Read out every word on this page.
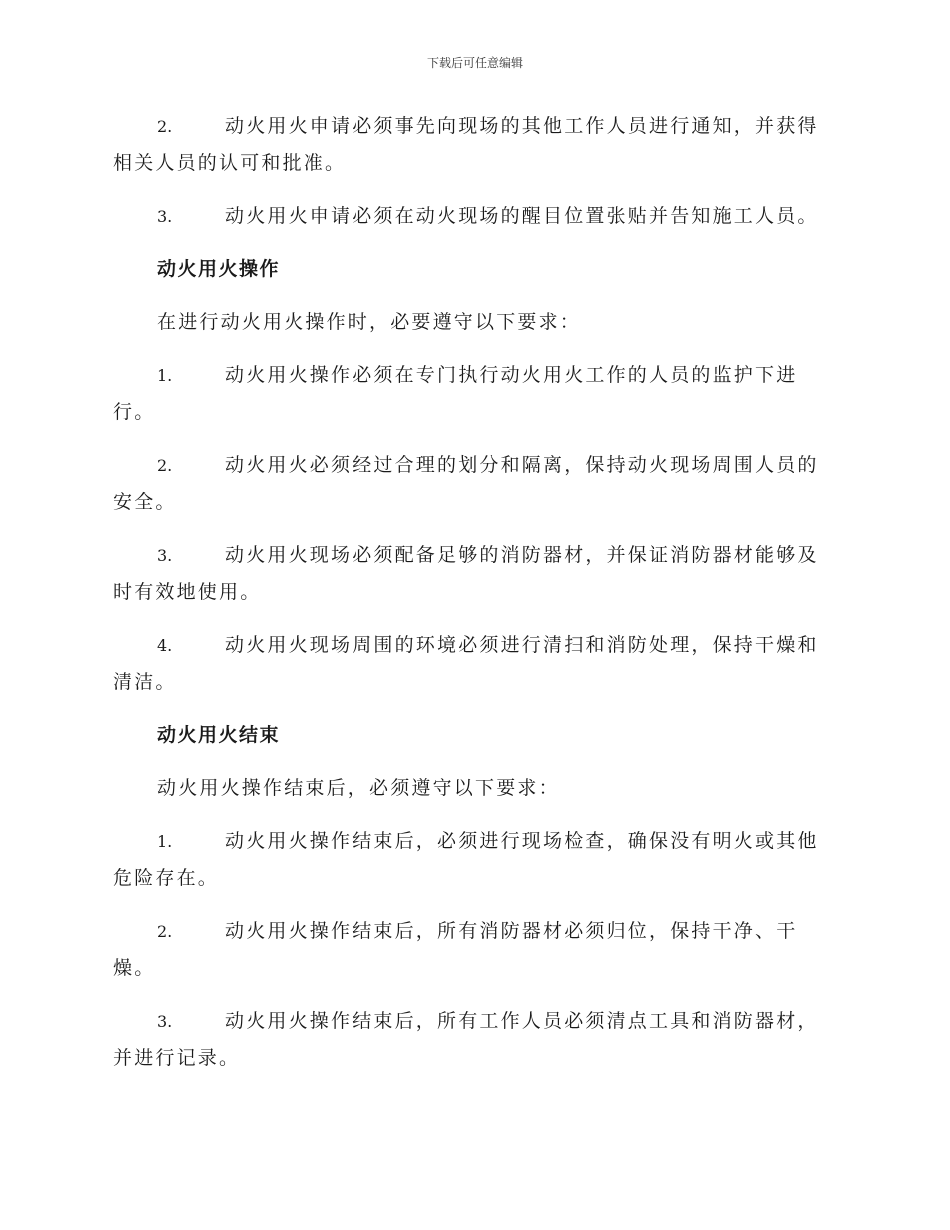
下载后可任意编辑

2.	动火用火申请必须事先向现场的其他工作人员进行通知，并获得相关人员的认可和批准。

3.	动火用火申请必须在动火现场的醒目位置张贴并告知施工人员。

动火用火操作

在进行动火用火操作时，必要遵守以下要求：

1.	动火用火操作必须在专门执行动火用火工作的人员的监护下进行。

2.	动火用火必须经过合理的划分和隔离，保持动火现场周围人员的安全。

3.	动火用火现场必须配备足够的消防器材，并保证消防器材能够及时有效地使用。

4.	动火用火现场周围的环境必须进行清扫和消防处理，保持干燥和清洁。

动火用火结束

动火用火操作结束后，必须遵守以下要求：

1.	动火用火操作结束后，必须进行现场检查，确保没有明火或其他危险存在。

2.	动火用火操作结束后，所有消防器材必须归位，保持干净、干燥。

3.	动火用火操作结束后，所有工作人员必须清点工具和消防器材，并进行记录。
